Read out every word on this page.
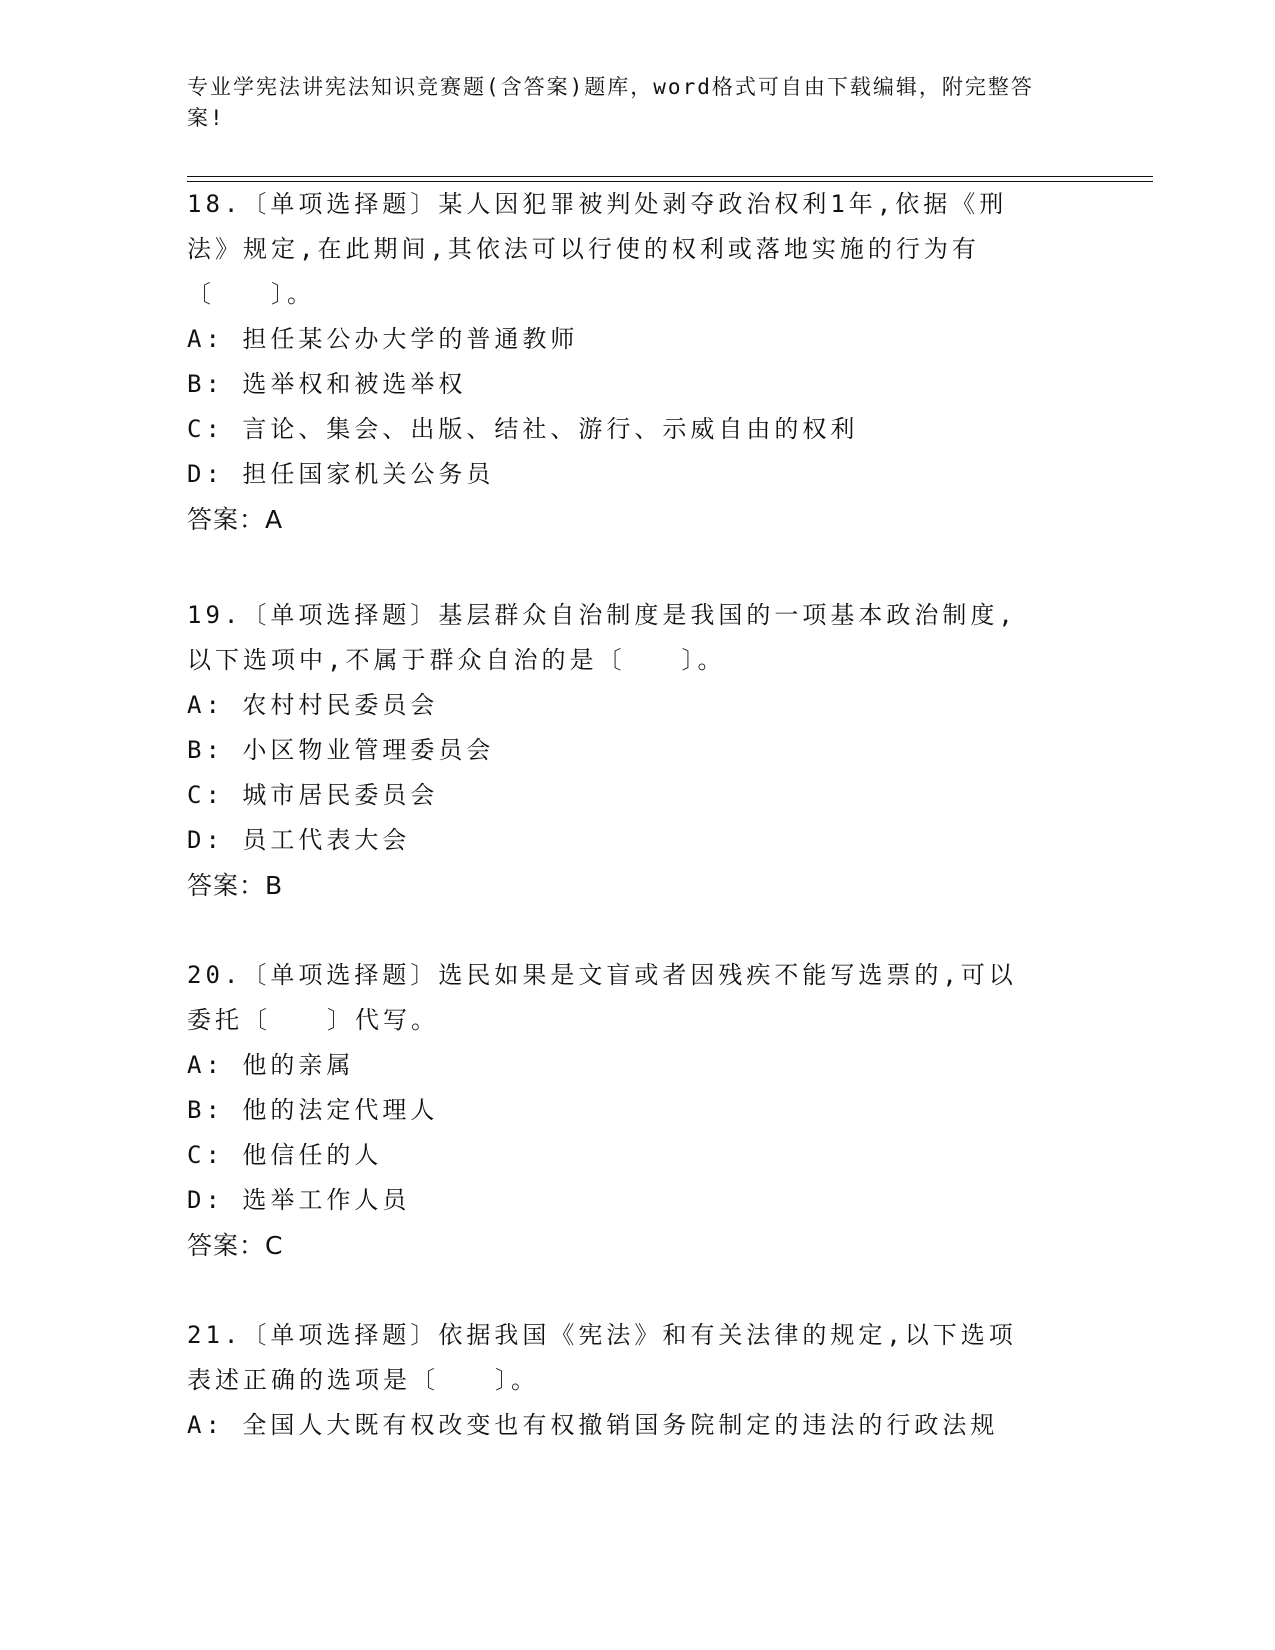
专业学宪法讲宪法知识竞赛题(含答案)题库，word格式可自由下载编辑，附完整答案!

18.〔单项选择题〕某人因犯罪被判处剥夺政治权利1年,依据《刑法》规定,在此期间,其依法可以行使的权利或落地实施的行为有〔　　〕。

A: 担任某公办大学的普通教师
B: 选举权和被选举权
C: 言论、集会、出版、结社、游行、示威自由的权利
D: 担任国家机关公务员
答案：A

19.〔单项选择题〕基层群众自治制度是我国的一项基本政治制度,以下选项中,不属于群众自治的是〔　　〕。

A: 农村村民委员会
B: 小区物业管理委员会
C: 城市居民委员会
D: 员工代表大会
答案：B

20.〔单项选择题〕选民如果是文盲或者因残疾不能写选票的,可以委托〔　　〕代写。

A: 他的亲属
B: 他的法定代理人
C: 他信任的人
D: 选举工作人员
答案：C

21.〔单项选择题〕依据我国《宪法》和有关法律的规定,以下选项表述正确的选项是〔　　〕。

A: 全国人大既有权改变也有权撤销国务院制定的违法的行政法规
